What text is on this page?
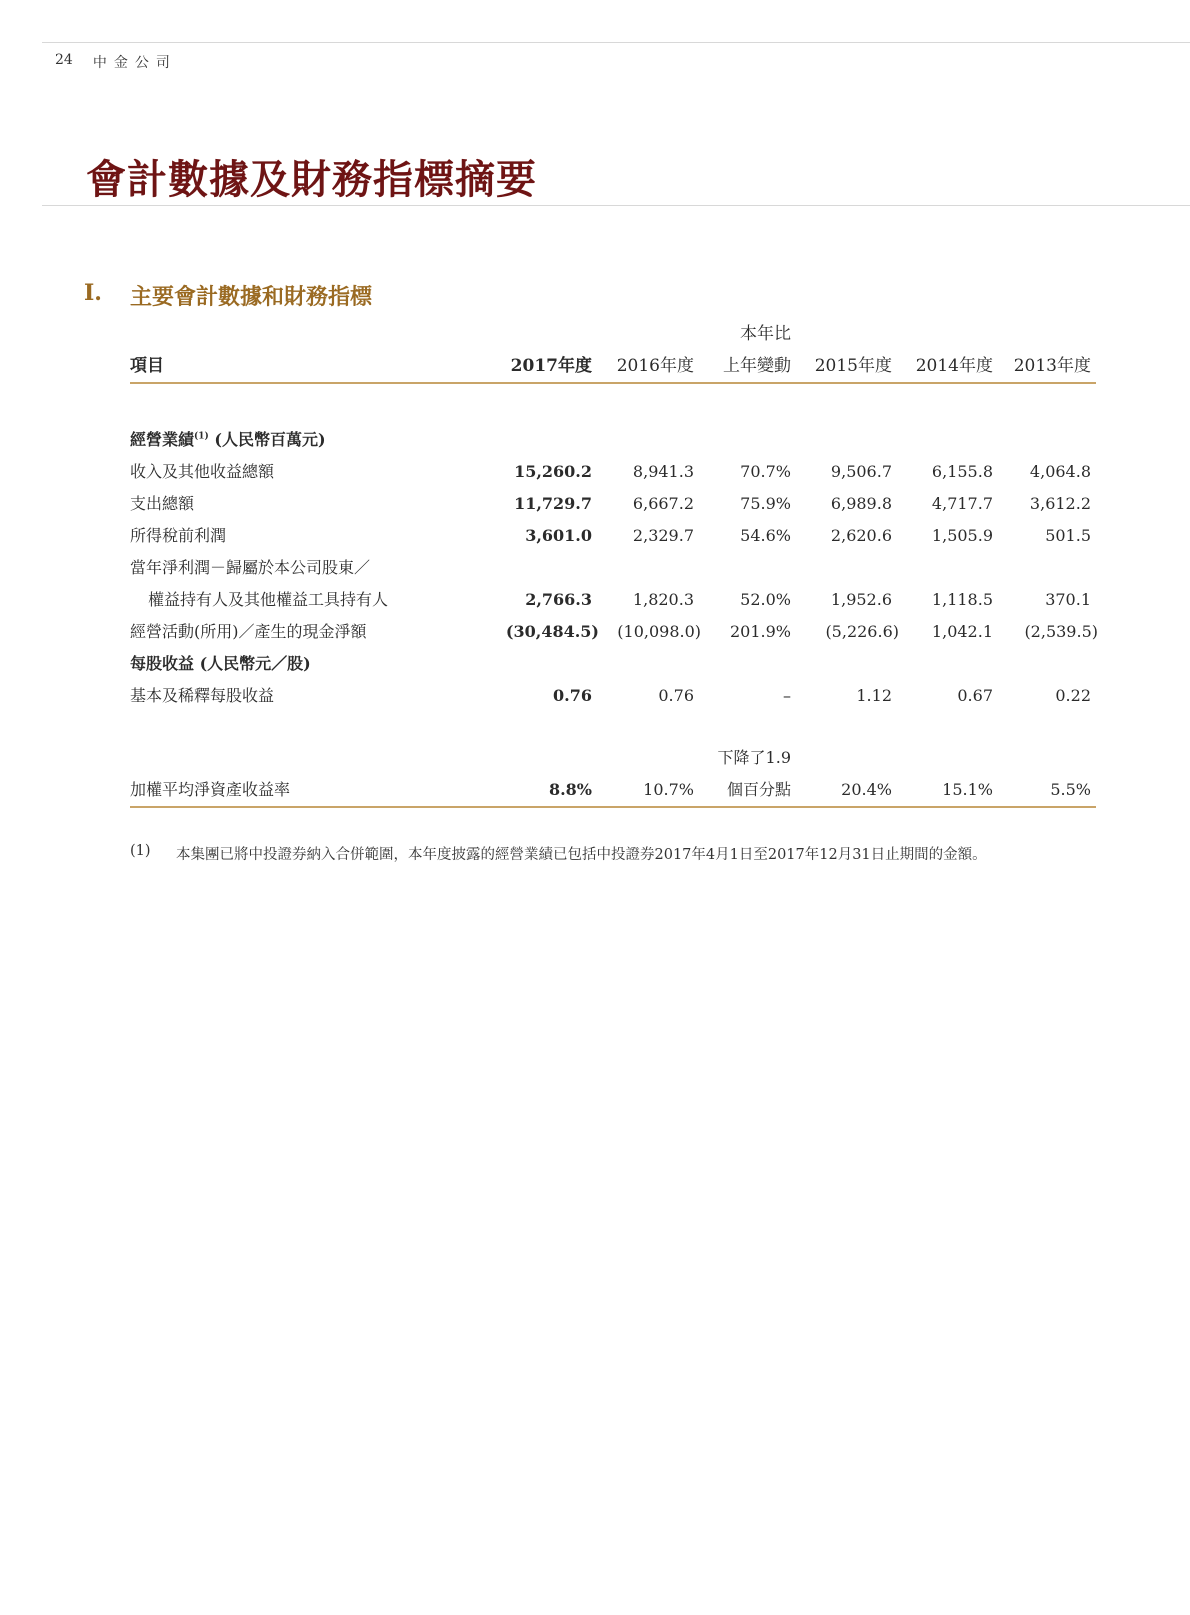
24 中金公司
會計數據及財務指標摘要
I.	主要會計數據和財務指標
本年比
項目	2017年度 2016年度 上年變動 2015年度 2014年度 2013年度
經營業績$^{(1)}$ (人民幣百萬元)
收入及其他收益總額	15,260.2	8,941.3	70.7% 9,506.7 6,155.8 4,064.8
支出總額	11,729.7	6,667.2	75.9% 6,989.8 4,717.7 3,612.2
所得稅前利潤	3,601.0	2,329.7	54.6% 2,620.6 1,505.9	501.5
當年淨利潤－歸屬於本公司股東／
權益持有人及其他權益工具持有人	2,766.3	1,820.3	52.0% 1,952.6 1,118.5	370.1
經營活動(所用)／產生的現金淨額	(30,484.5) (10,098.0) 201.9% (5,226.6) 1,042.1 (2,539.5)
每股收益 (人民幣元／股)
基本及稀釋每股收益	0.76	0.76	–	1.12	0.67	0.22
下降了1.9
加權平均淨資產收益率	8.8%	10.7% 個百分點	20.4%	15.1%	5.5%
(1)	本集團已將中投證券納入合併範圍，本年度披露的經營業績已包括中投證券2017年4月1日至2017年12月31日止期間的金額。
